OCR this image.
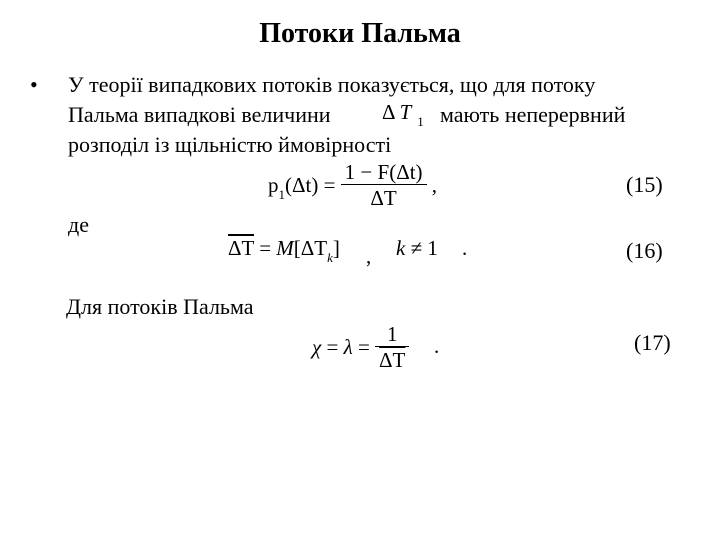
Потоки Пальма
• У теорії випадкових потоків показується, що для потоку
Пальма випадкові величини Δ T $_1$ мають неперервний
розподіл із щільністю ймовірності
$p_1(\Delta t) = \frac{1 - F(\Delta t)}{\Delta T}$ ,	(15)
де
$\overline{\Delta T} = M[\Delta T_k]$ , k ≠ 1 .	(16)
Для потоків Пальма
$\chi = \lambda = \frac{1}{\Delta T}$ .	(17)
